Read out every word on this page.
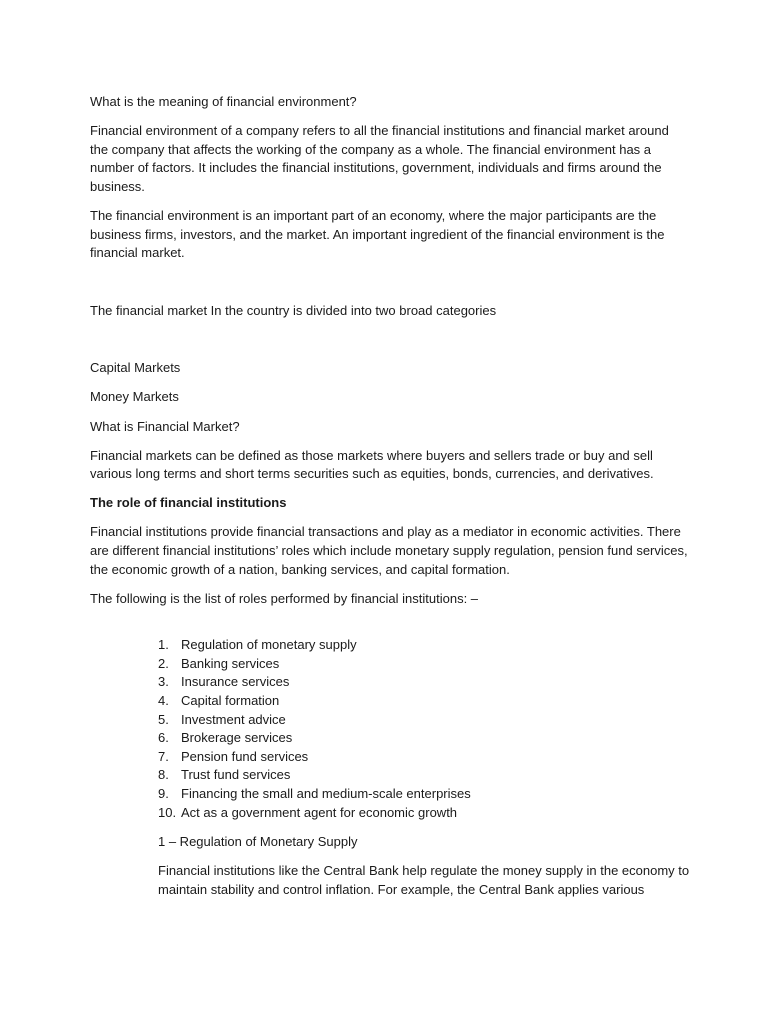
What is the meaning of financial environment?

Financial environment of a company refers to all the financial institutions and financial market around the company that affects the working of the company as a whole. The financial environment has a number of factors. It includes the financial institutions, government, individuals and firms around the business.

The financial environment is an important part of an economy, where the major participants are the business firms, investors, and the market. An important ingredient of the financial environment is the financial market.

The financial market In the country is divided into two broad categories

Capital Markets

Money Markets

What is Financial Market?

Financial markets can be defined as those markets where buyers and sellers trade or buy and sell various long terms and short terms securities such as equities, bonds, currencies, and derivatives.

The role of financial institutions

Financial institutions provide financial transactions and play as a mediator in economic activities. There are different financial institutions’ roles which include monetary supply regulation, pension fund services, the economic growth of a nation, banking services, and capital formation.

The following is the list of roles performed by financial institutions: –

1. Regulation of monetary supply
2. Banking services
3. Insurance services
4. Capital formation
5. Investment advice
6. Brokerage services
7. Pension fund services
8. Trust fund services
9. Financing the small and medium-scale enterprises
10. Act as a government agent for economic growth

1 – Regulation of Monetary Supply

Financial institutions like the Central Bank help regulate the money supply in the economy to maintain stability and control inflation. For example, the Central Bank applies various
